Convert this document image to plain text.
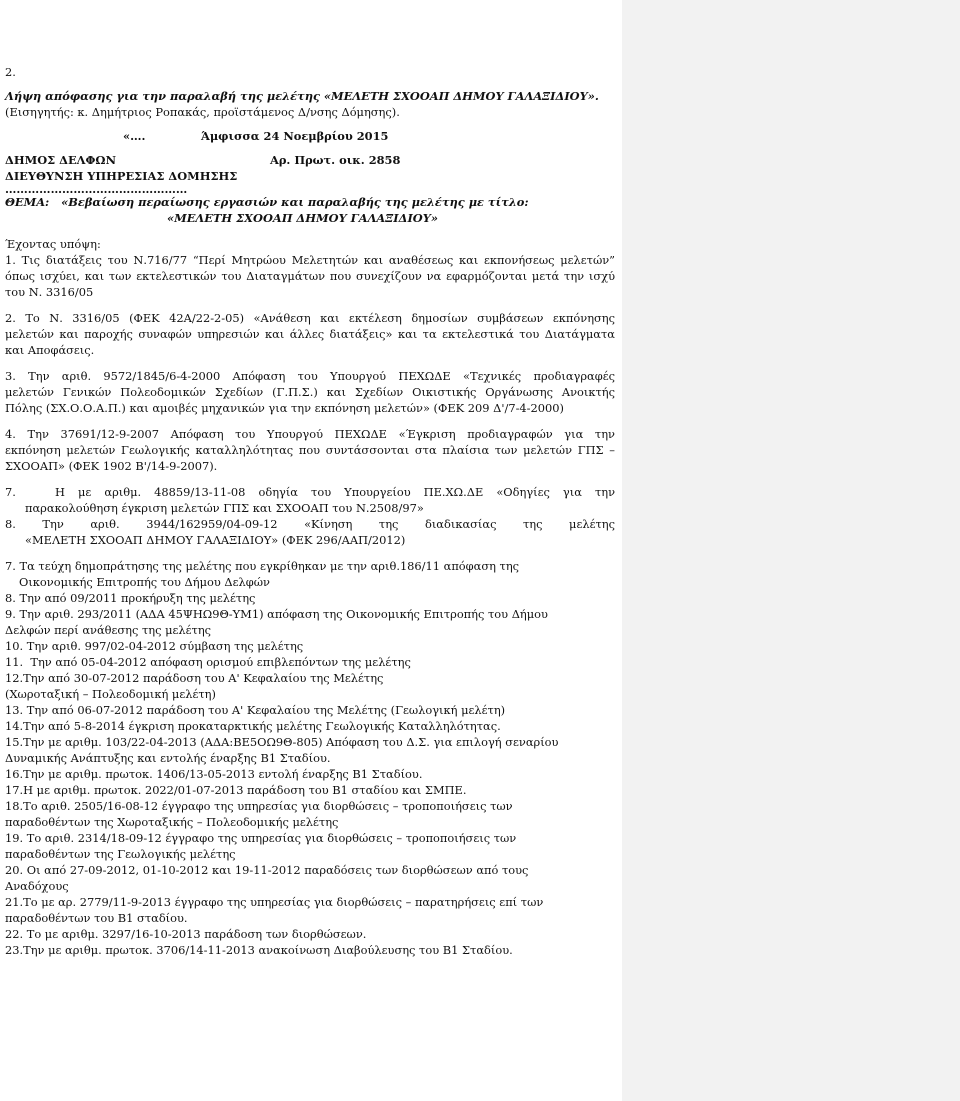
2.
Λήψη απόφασης για την παραλαβή της μελέτης «ΜΕΛΕΤΗ ΣΧΟΟΑΠ ΔΗΜΟΥ ΓΑΛΑΞΙΔΙΟΥ».
(Εισηγητής: κ. Δημήτριος Ροπακάς, προϊστάμενος Δ/νσης Δόμησης).
«….              Άμφισσα 24 Νοεμβρίου 2015
ΔΗΜΟΣ ΔΕΛΦΩΝ	Αρ. Πρωτ. οικ. 2858
ΔΙΕΥΘΥΝΣΗ ΥΠΗΡΕΣΙΑΣ ΔΟΜΗΣΗΣ
…………………………………………
ΘΕΜΑ:   «Βεβαίωση περαίωσης εργασιών και παραλαβής της μελέτης με τίτλο:
«ΜΕΛΕΤΗ ΣΧΟΟΑΠ ΔΗΜΟΥ ΓΑΛΑΞΙΔΙΟΥ»
Έχοντας υπόψη:
1. Τις διατάξεις του Ν.716/77 “Περί Μητρώου Μελετητών και αναθέσεως και εκπονήσεως μελετών”
όπως ισχύει, και των εκτελεστικών του Διαταγμάτων που συνεχίζουν να εφαρμόζονται μετά την ισχύ
του Ν. 3316/05
2. Το Ν. 3316/05 (ΦΕΚ 42Α/22-2-05) «Ανάθεση και εκτέλεση δημοσίων συμβάσεων εκπόνησης
μελετών και παροχής συναφών υπηρεσιών και άλλες διατάξεις» και τα εκτελεστικά του Διατάγματα
και Αποφάσεις.
3. Την αριθ. 9572/1845/6-4-2000 Απόφαση του Υπουργού ΠΕΧΩΔΕ «Τεχνικές προδιαγραφές
μελετών Γενικών Πολεοδομικών Σχεδίων (Γ.Π.Σ.) και Σχεδίων Οικιστικής Οργάνωσης Ανοικτής
Πόλης (ΣΧ.Ο.Ο.Α.Π.) και αμοιβές μηχανικών για την εκπόνηση μελετών» (ΦΕΚ 209 Δ'/7-4-2000)
4. Την 37691/12-9-2007 Απόφαση του Υπουργού ΠΕΧΩΔΕ «Έγκριση προδιαγραφών για την
εκπόνηση μελετών Γεωλογικής καταλληλότητας που συντάσσονται στα πλαίσια των μελετών ΓΠΣ –
ΣΧΟΟΑΠ» (ΦΕΚ 1902 Β'/14-9-2007).
7.   Η με αριθμ. 48859/13-11-08 οδηγία του Υπουργείου ΠΕ.ΧΩ.ΔΕ «Οδηγίες για την
παρακολούθηση έγκριση μελετών ΓΠΣ και ΣΧΟΟΑΠ του Ν.2508/97»
8. Την αριθ. 3944/162959/04-09-12 «Κίνηση της διαδικασίας της μελέτης
«ΜΕΛΕΤΗ ΣΧΟΟΑΠ ΔΗΜΟΥ ΓΑΛΑΞΙΔΙΟΥ» (ΦΕΚ 296/ΑΑΠ/2012)
7. Τα τεύχη δημοπράτησης της μελέτης που εγκρίθηκαν με την αριθ.186/11 απόφαση της
Οικονομικής Επιτροπής του Δήμου Δελφών
8. Την από 09/2011 προκήρυξη της μελέτης
9. Την αριθ. 293/2011 (ΑΔΑ 45ΨΗΩ9Θ-ΥΜ1) απόφαση της Οικονομικής Επιτροπής του Δήμου
Δελφών περί ανάθεσης της μελέτης
10. Την αριθ. 997/02-04-2012 σύμβαση της μελέτης
11.  Την από 05-04-2012 απόφαση ορισμού επιβλεπόντων της μελέτης
12.Την από 30-07-2012 παράδοση του Α' Κεφαλαίου της Μελέτης
(Χωροταξική – Πολεοδομική μελέτη)
13. Την από 06-07-2012 παράδοση του Α' Κεφαλαίου της Μελέτης (Γεωλογική μελέτη)
14.Την από 5-8-2014 έγκριση προκαταρκτικής μελέτης Γεωλογικής Καταλληλότητας.
15.Την με αριθμ. 103/22-04-2013 (ΑΔΑ:ΒΕ5ΟΩ9Θ-805) Απόφαση του Δ.Σ. για επιλογή σεναρίου
Δυναμικής Ανάπτυξης και εντολής έναρξης Β1 Σταδίου.
16.Την με αριθμ. πρωτοκ. 1406/13-05-2013 εντολή έναρξης Β1 Σταδίου.
17.Η με αριθμ. πρωτοκ. 2022/01-07-2013 παράδοση του Β1 σταδίου και ΣΜΠΕ.
18.Το αριθ. 2505/16-08-12 έγγραφο της υπηρεσίας για διορθώσεις – τροποποιήσεις των
παραδοθέντων της Χωροταξικής – Πολεοδομικής μελέτης
19. Το αριθ. 2314/18-09-12 έγγραφο της υπηρεσίας για διορθώσεις – τροποποιήσεις των
παραδοθέντων της Γεωλογικής μελέτης
20. Οι από 27-09-2012, 01-10-2012 και 19-11-2012 παραδόσεις των διορθώσεων από τους
Αναδόχους
21.Το με αρ. 2779/11-9-2013 έγγραφο της υπηρεσίας για διορθώσεις – παρατηρήσεις επί των
παραδοθέντων του Β1 σταδίου.
22. Το με αριθμ. 3297/16-10-2013 παράδοση των διορθώσεων.
23.Την με αριθμ. πρωτοκ. 3706/14-11-2013 ανακοίνωση Διαβούλευσης του Β1 Σταδίου.
